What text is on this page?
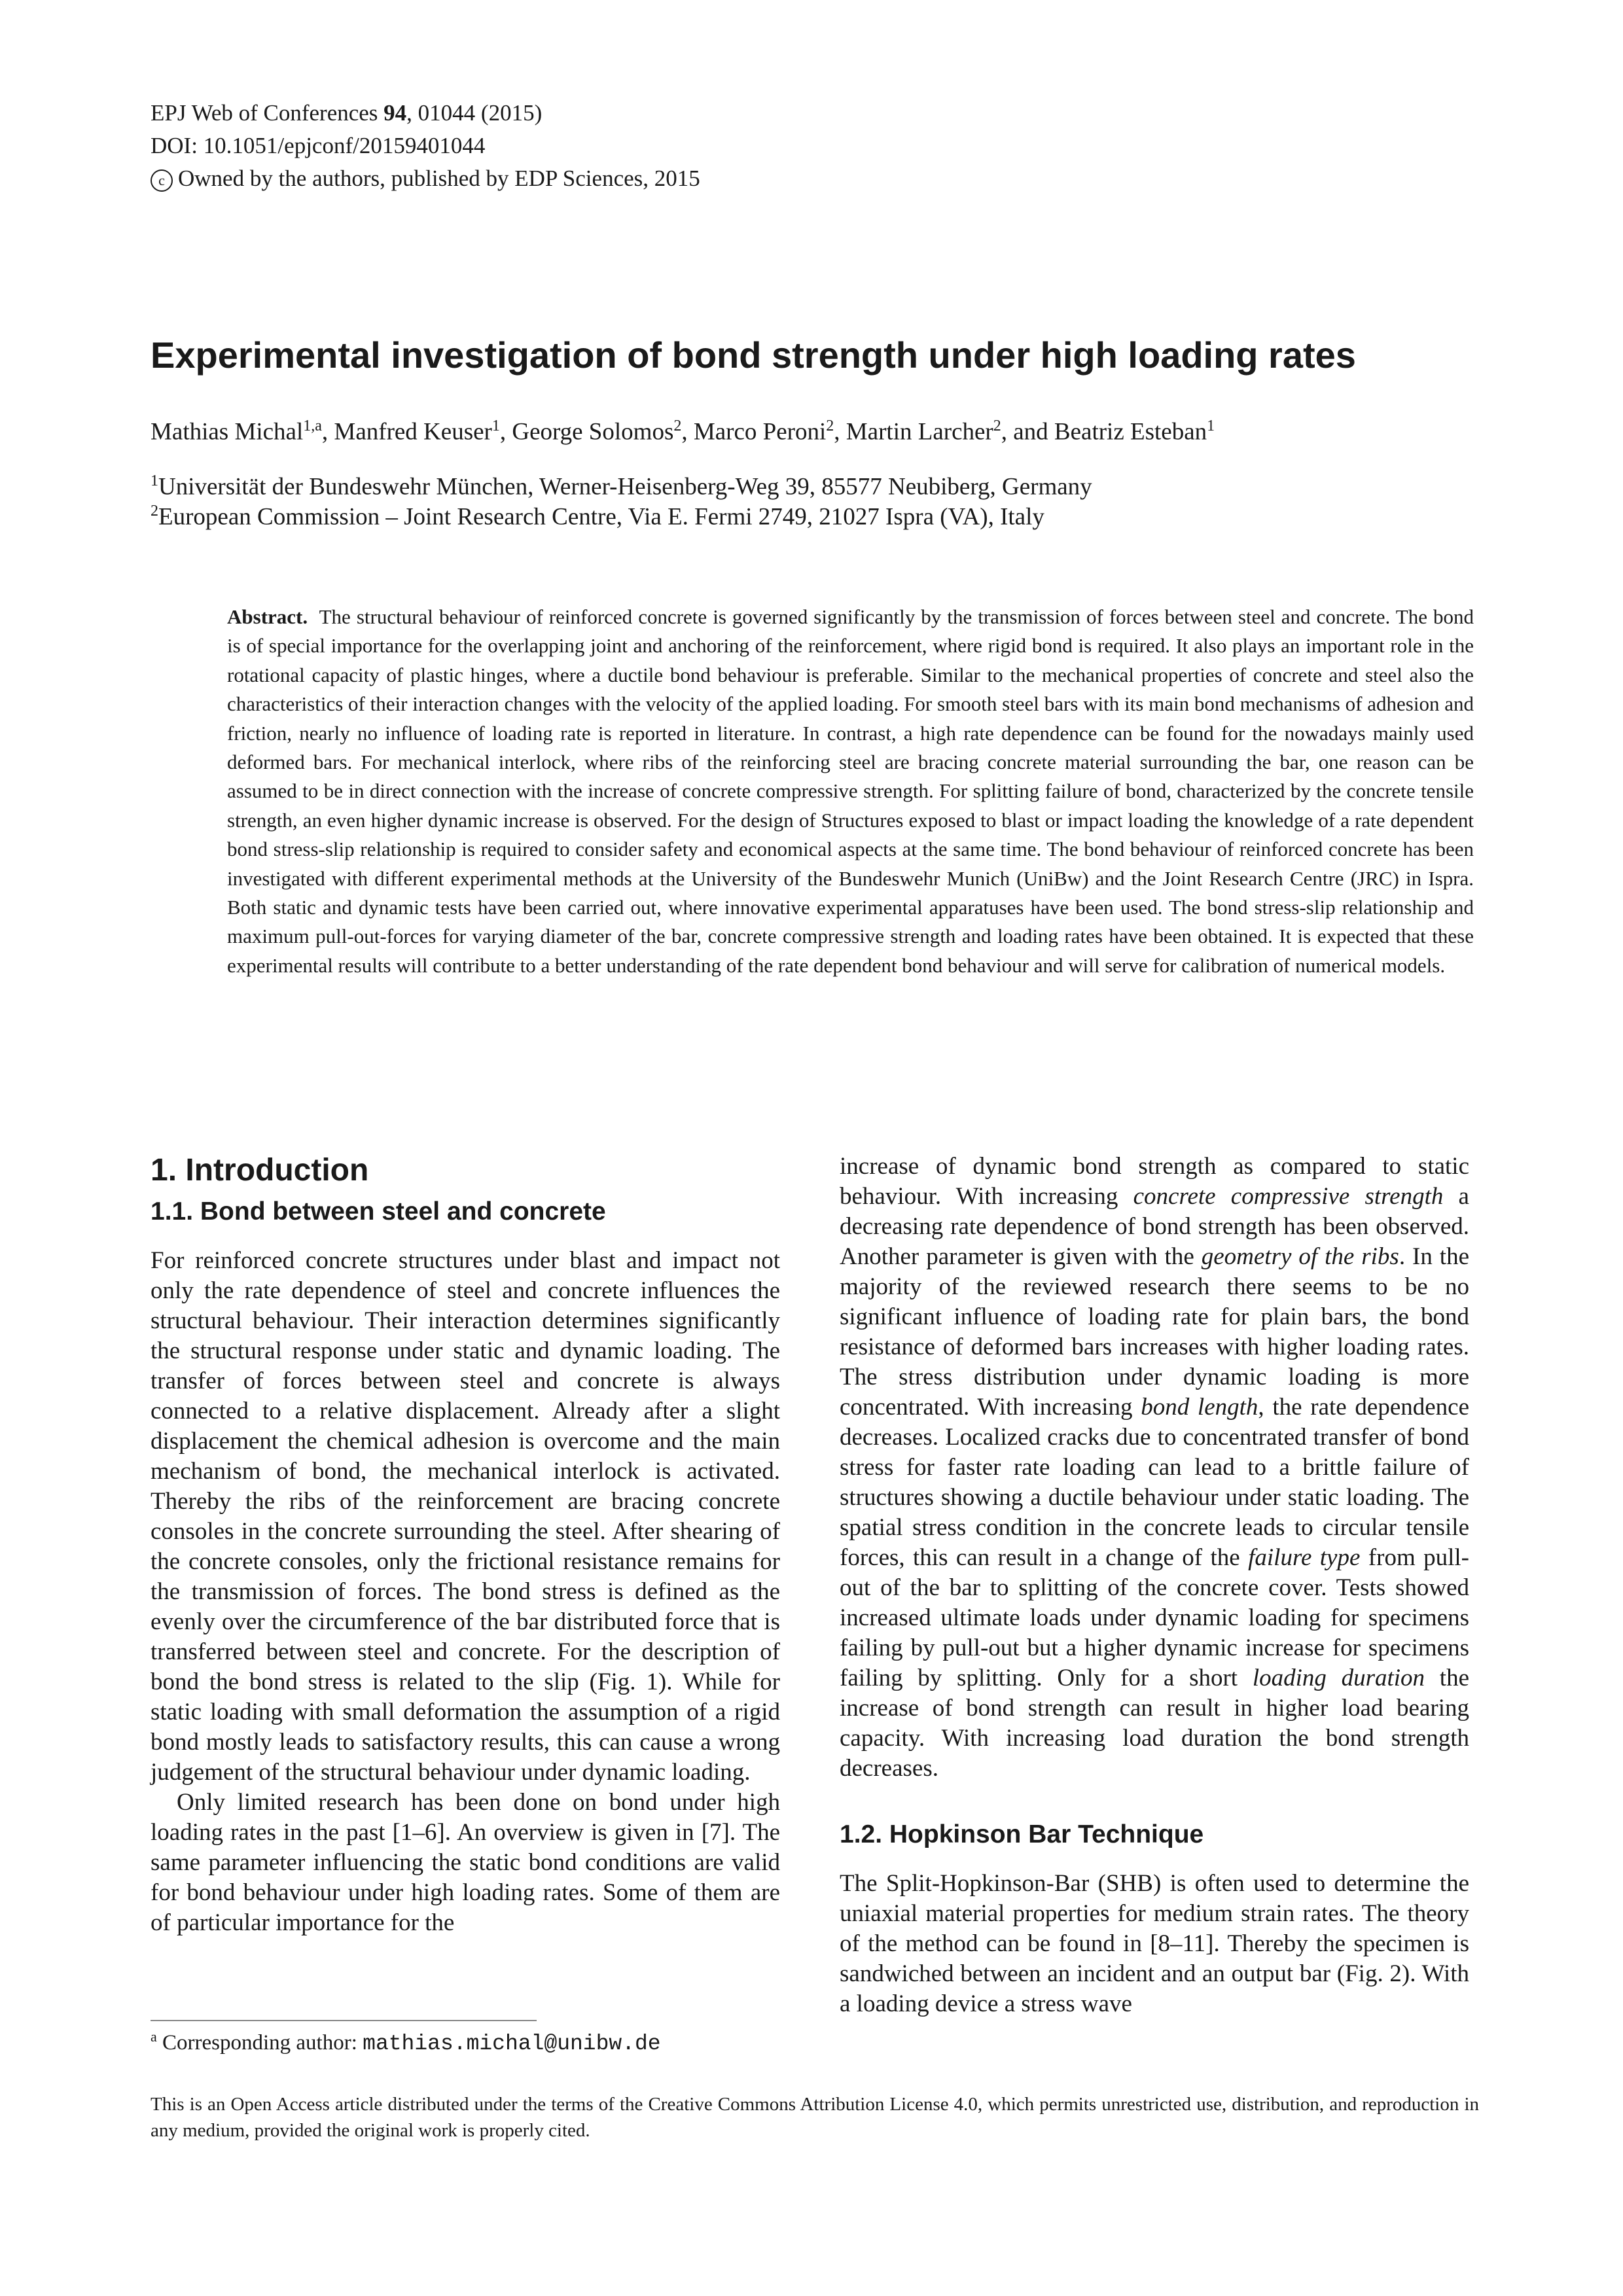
EPJ Web of Conferences 94, 01044 (2015)
DOI: 10.1051/epjconf/20159401044
c Owned by the authors, published by EDP Sciences, 2015
Experimental investigation of bond strength under high loading rates
Mathias Michal$^{1,a}$, Manfred Keuser$^1$, George Solomos$^2$, Marco Peroni$^2$, Martin Larcher$^2$, and Beatriz Esteban$^1$
$^1$Universität der Bundeswehr München, Werner-Heisenberg-Weg 39, 85577 Neubiberg, Germany
$^2$European Commission – Joint Research Centre, Via E. Fermi 2749, 21027 Ispra (VA), Italy
Abstract. The structural behaviour of reinforced concrete is governed significantly by the transmission of forces between steel and concrete. The bond is of special importance for the overlapping joint and anchoring of the reinforcement, where rigid bond is required. It also plays an important role in the rotational capacity of plastic hinges, where a ductile bond behaviour is preferable. Similar to the mechanical properties of concrete and steel also the characteristics of their interaction changes with the velocity of the applied loading. For smooth steel bars with its main bond mechanisms of adhesion and friction, nearly no influence of loading rate is reported in literature. In contrast, a high rate dependence can be found for the nowadays mainly used deformed bars. For mechanical interlock, where ribs of the reinforcing steel are bracing concrete material surrounding the bar, one reason can be assumed to be in direct connection with the increase of concrete compressive strength. For splitting failure of bond, characterized by the concrete tensile strength, an even higher dynamic increase is observed. For the design of Structures exposed to blast or impact loading the knowledge of a rate dependent bond stress-slip relationship is required to consider safety and economical aspects at the same time. The bond behaviour of reinforced concrete has been investigated with different experimental methods at the University of the Bundeswehr Munich (UniBw) and the Joint Research Centre (JRC) in Ispra. Both static and dynamic tests have been carried out, where innovative experimental apparatuses have been used. The bond stress-slip relationship and maximum pull-out-forces for varying diameter of the bar, concrete compressive strength and loading rates have been obtained. It is expected that these experimental results will contribute to a better understanding of the rate dependent bond behaviour and will serve for calibration of numerical models.
1. Introduction
1.1. Bond between steel and concrete

For reinforced concrete structures under blast and impact not only the rate dependence of steel and concrete influences the structural behaviour. Their interaction determines significantly the structural response under static and dynamic loading. The transfer of forces between steel and concrete is always connected to a relative displacement. Already after a slight displacement the chemical adhesion is overcome and the main mechanism of bond, the mechanical interlock is activated. Thereby the ribs of the reinforcement are bracing concrete consoles in the concrete surrounding the steel. After shearing of the concrete consoles, only the frictional resistance remains for the transmission of forces. The bond stress is defined as the evenly over the circumference of the bar distributed force that is transferred between steel and concrete. For the description of bond the bond stress is related to the slip (Fig. 1). While for static loading with small deformation the assumption of a rigid bond mostly leads to satisfactory results, this can cause a wrong judgement of the structural behaviour under dynamic loading.

Only limited research has been done on bond under high loading rates in the past [1–6]. An overview is given in [7]. The same parameter influencing the static bond conditions are valid for bond behaviour under high loading rates. Some of them are of particular importance for the

increase of dynamic bond strength as compared to static behaviour. With increasing concrete compressive strength a decreasing rate dependence of bond strength has been observed. Another parameter is given with the geometry of the ribs. In the majority of the reviewed research there seems to be no significant influence of loading rate for plain bars, the bond resistance of deformed bars increases with higher loading rates. The stress distribution under dynamic loading is more concentrated. With increasing bond length, the rate dependence decreases. Localized cracks due to concentrated transfer of bond stress for faster rate loading can lead to a brittle failure of structures showing a ductile behaviour under static loading. The spatial stress condition in the concrete leads to circular tensile forces, this can result in a change of the failure type from pull-out of the bar to splitting of the concrete cover. Tests showed increased ultimate loads under dynamic loading for specimens failing by pull-out but a higher dynamic increase for specimens failing by splitting. Only for a short loading duration the increase of bond strength can result in higher load bearing capacity. With increasing load duration the bond strength decreases.

1.2. Hopkinson Bar Technique

The Split-Hopkinson-Bar (SHB) is often used to determine the uniaxial material properties for medium strain rates. The theory of the method can be found in [8–11]. Thereby the specimen is sandwiched between an incident and an output bar (Fig. 2). With a loading device a stress wave

$^a$ Corresponding author: mathias.michal@unibw.de
This is an Open Access article distributed under the terms of the Creative Commons Attribution License 4.0, which permits unrestricted use, distribution, and reproduction in any medium, provided the original work is properly cited.
